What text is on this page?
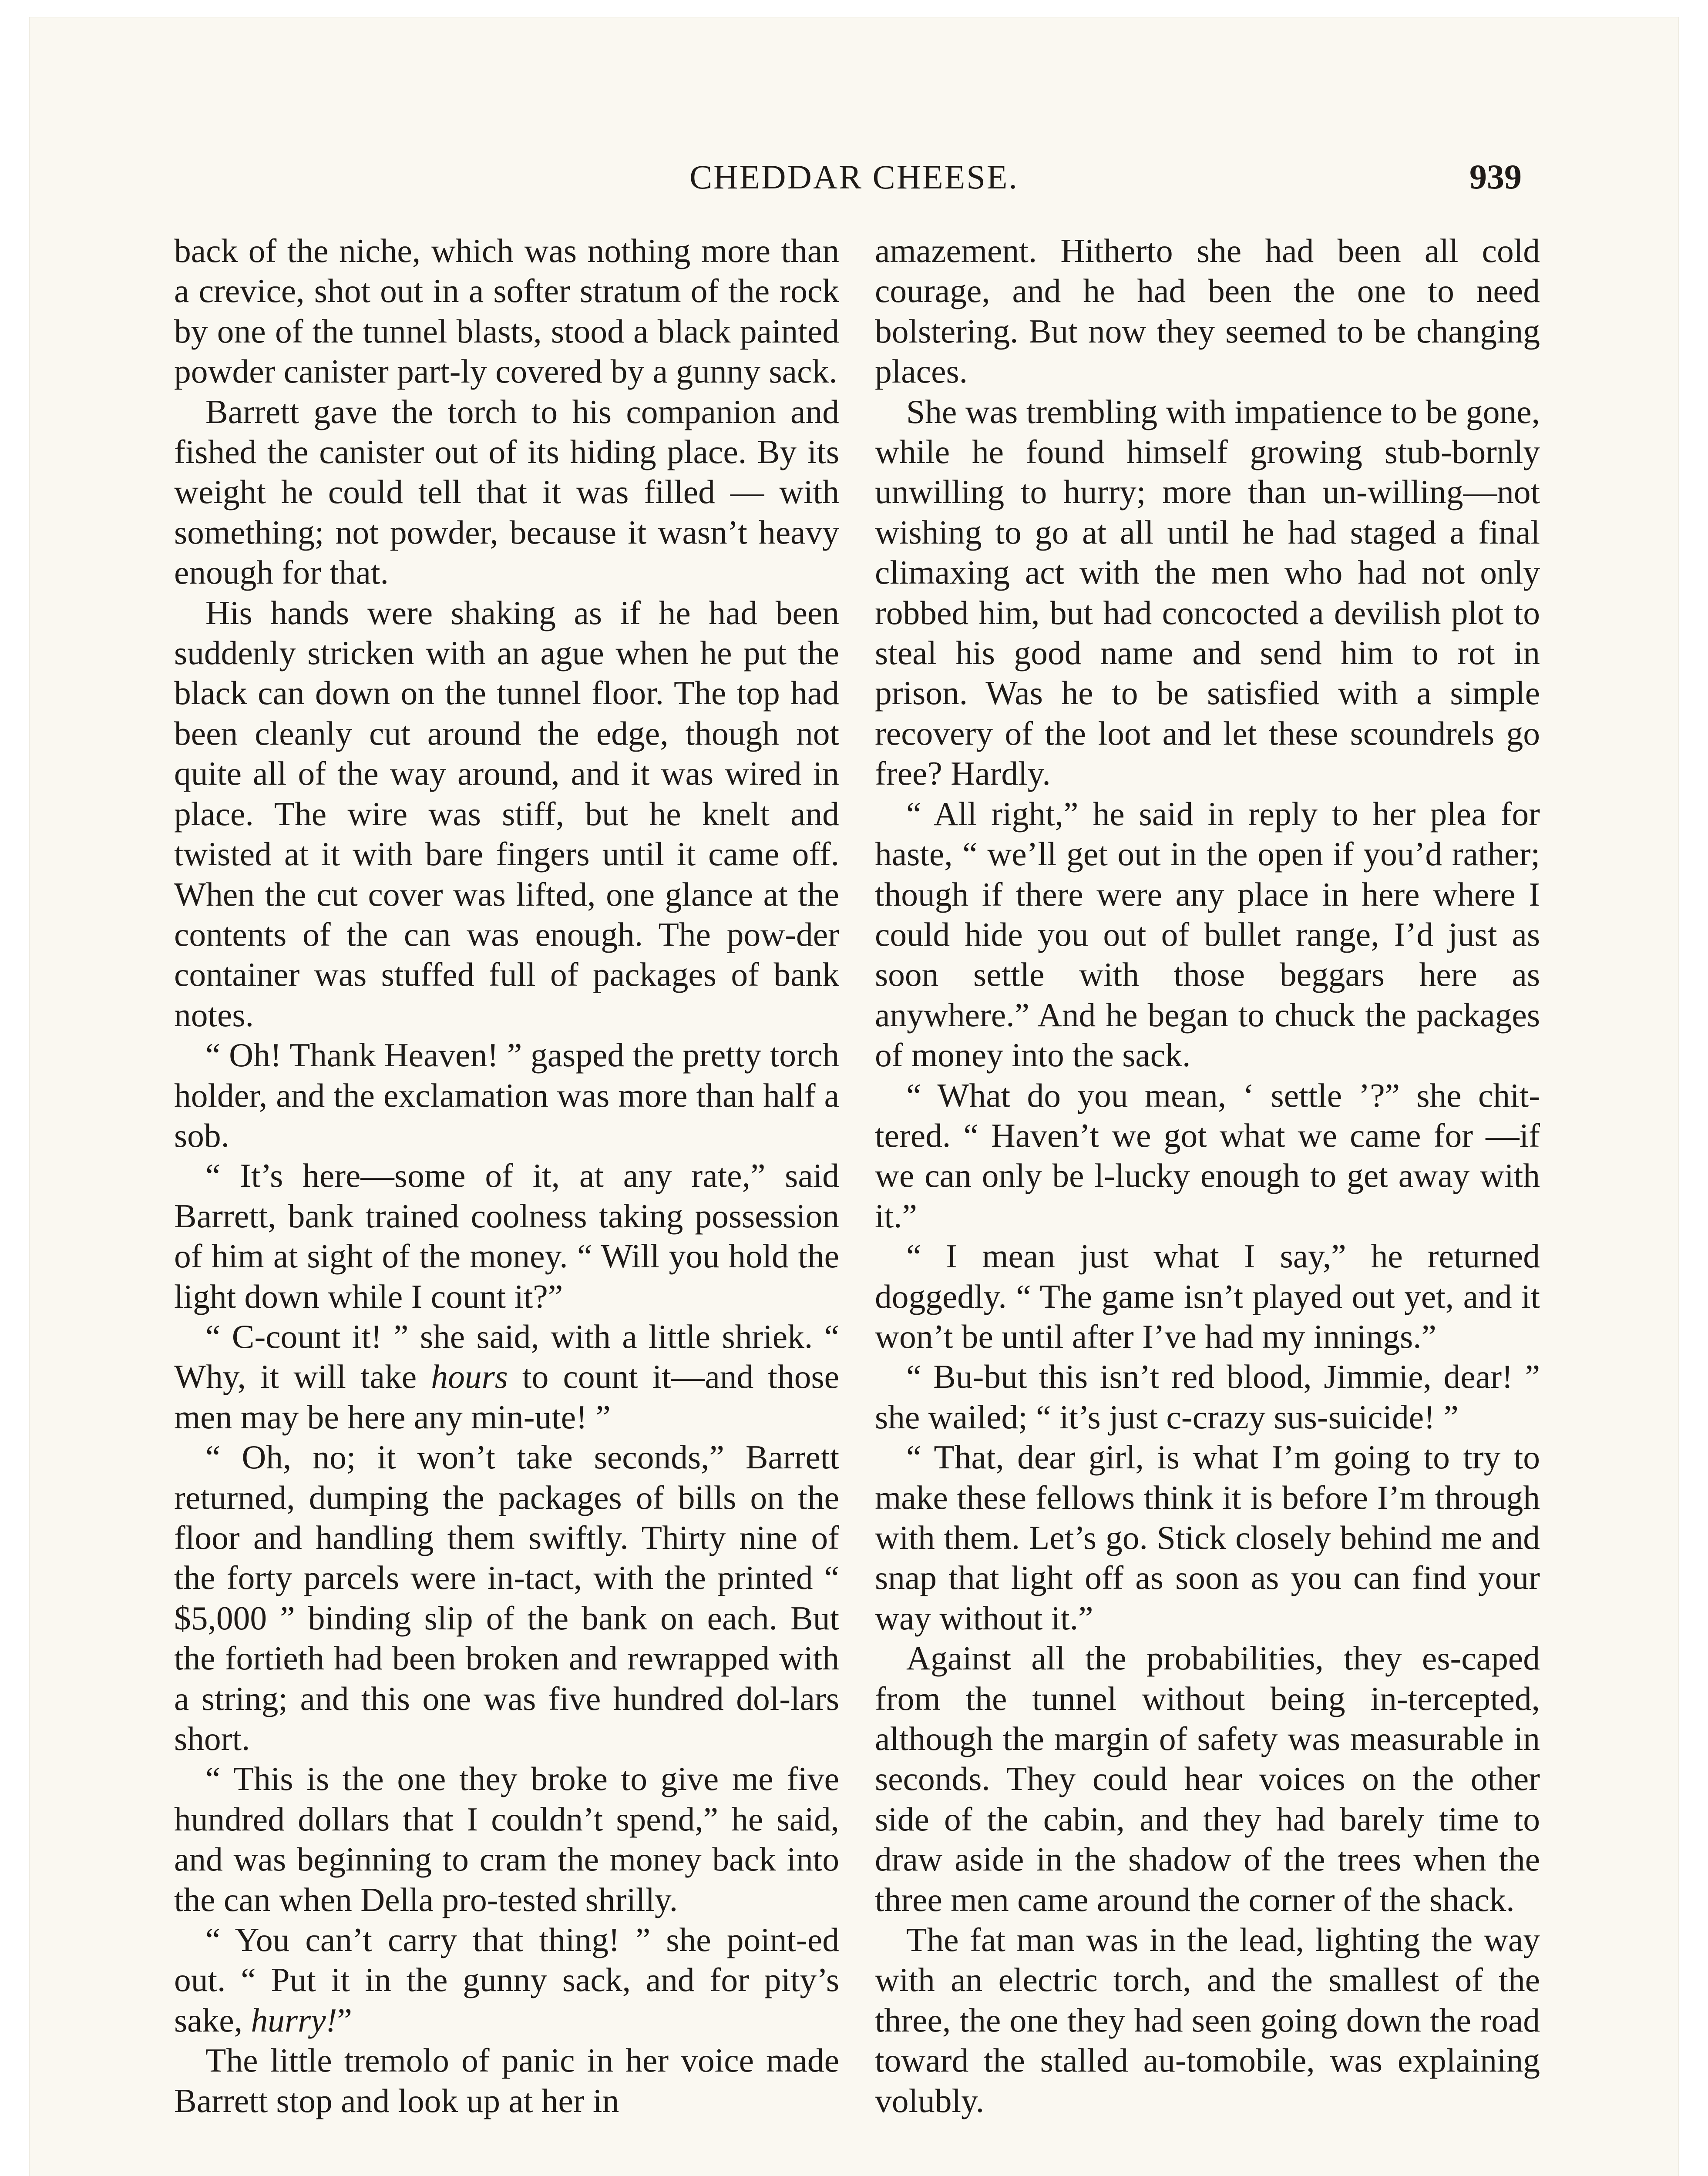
CHEDDAR CHEESE.	939

back of the niche, which was nothing more than a crevice, shot out in a softer stratum of the rock by one of the tunnel blasts, stood a black painted powder canister part-ly covered by a gunny sack.

Barrett gave the torch to his companion and fished the canister out of its hiding place. By its weight he could tell that it was filled — with something; not powder, because it wasn’t heavy enough for that.

His hands were shaking as if he had been suddenly stricken with an ague when he put the black can down on the tunnel floor. The top had been cleanly cut around the edge, though not quite all of the way around, and it was wired in place. The wire was stiff, but he knelt and twisted at it with bare fingers until it came off. When the cut cover was lifted, one glance at the contents of the can was enough. The pow-der container was stuffed full of packages of bank notes.

“ Oh! Thank Heaven! ” gasped the pretty torch holder, and the exclamation was more than half a sob.

“ It’s here—some of it, at any rate,” said Barrett, bank trained coolness taking possession of him at sight of the money. “ Will you hold the light down while I count it?”

“ C-count it! ” she said, with a little shriek. “ Why, it will take hours to count it—and those men may be here any min-ute! ”

“ Oh, no; it won’t take seconds,” Barrett returned, dumping the packages of bills on the floor and handling them swiftly. Thirty nine of the forty parcels were in-tact, with the printed “ $5,000 ” binding slip of the bank on each. But the fortieth had been broken and rewrapped with a string; and this one was five hundred dol-lars short.

“ This is the one they broke to give me five hundred dollars that I couldn’t spend,” he said, and was beginning to cram the money back into the can when Della pro-tested shrilly.

“ You can’t carry that thing! ” she point-ed out. “ Put it in the gunny sack, and for pity’s sake, hurry!”

The little tremolo of panic in her voice made Barrett stop and look up at her in

amazement. Hitherto she had been all cold courage, and he had been the one to need bolstering. But now they seemed to be changing places.

She was trembling with impatience to be gone, while he found himself growing stub-bornly unwilling to hurry; more than un-willing—not wishing to go at all until he had staged a final climaxing act with the men who had not only robbed him, but had concocted a devilish plot to steal his good name and send him to rot in prison. Was he to be satisfied with a simple recovery of the loot and let these scoundrels go free? Hardly.

“ All right,” he said in reply to her plea for haste, “ we’ll get out in the open if you’d rather; though if there were any place in here where I could hide you out of bullet range, I’d just as soon settle with those beggars here as anywhere.” And he began to chuck the packages of money into the sack.

“ What do you mean, ‘ settle ’?” she chit-tered. “ Haven’t we got what we came for —if we can only be l-lucky enough to get away with it.”

“ I mean just what I say,” he returned doggedly. “ The game isn’t played out yet, and it won’t be until after I’ve had my innings.”

“ Bu-but this isn’t red blood, Jimmie, dear! ” she wailed; “ it’s just c-crazy sus-suicide! ”

“ That, dear girl, is what I’m going to try to make these fellows think it is before I’m through with them. Let’s go. Stick closely behind me and snap that light off as soon as you can find your way without it.”

Against all the probabilities, they es-caped from the tunnel without being in-tercepted, although the margin of safety was measurable in seconds. They could hear voices on the other side of the cabin, and they had barely time to draw aside in the shadow of the trees when the three men came around the corner of the shack.

The fat man was in the lead, lighting the way with an electric torch, and the smallest of the three, the one they had seen going down the road toward the stalled au-tomobile, was explaining volubly.
